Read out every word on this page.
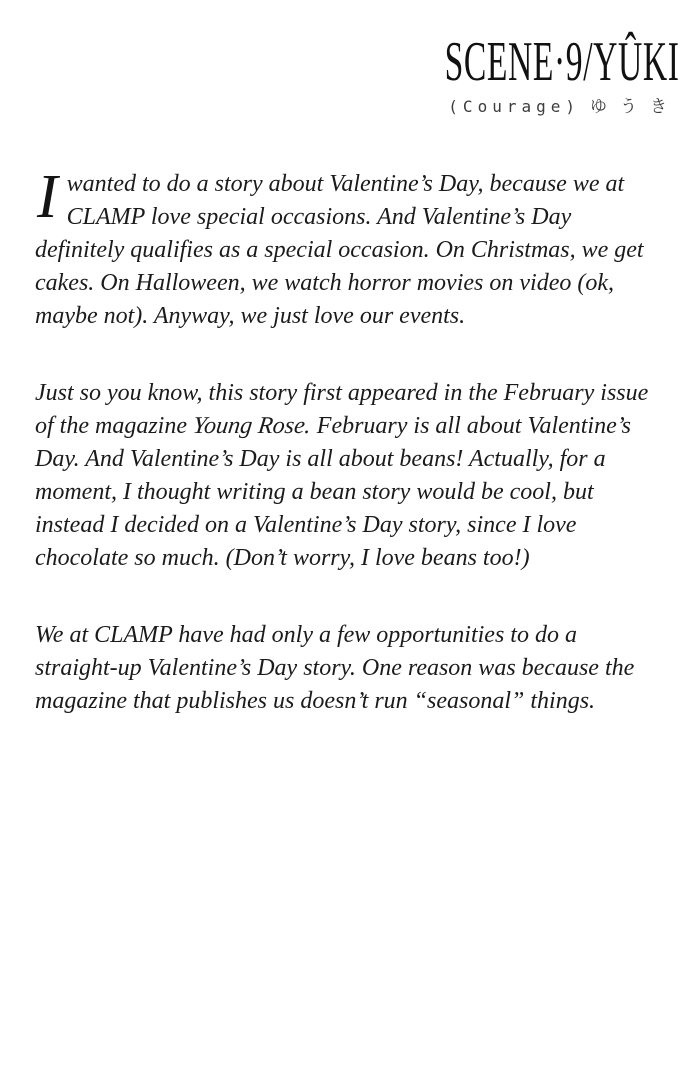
SCENE·9/YÛKI
(Courage) ゆうき

Iwanted to do a story about Valentine’s Day, because we at CLAMP love special occasions. And Valentine’s Day definitely qualifies as a special occasion. On Christmas, we get cakes. On Halloween, we watch horror movies on video (ok, maybe not). Anyway, we just love our events.

Just so you know, this story first appeared in the February issue of the magazine Young Rose. February is all about Valentine’s Day. And Valentine’s Day is all about beans! Actually, for a moment, I thought writing a bean story would be cool, but instead I decided on a Valentine’s Day story, since I love chocolate so much. (Don’t worry, I love beans too!)

We at CLAMP have had only a few opportunities to do a straight-up Valentine’s Day story. One reason was because the magazine that publishes us doesn’t run “seasonal” things.
